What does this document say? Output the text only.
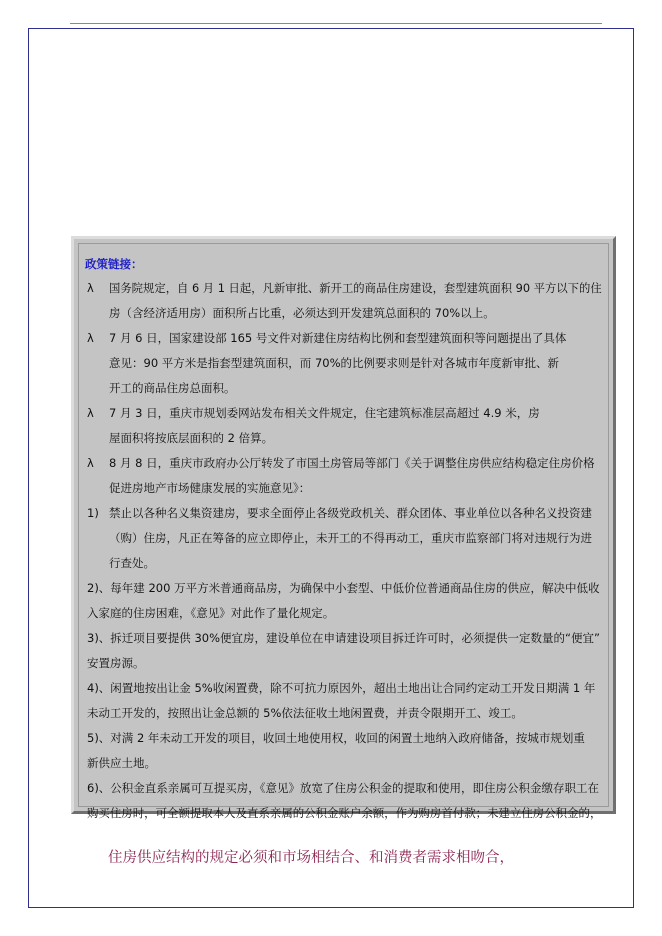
政策链接：
λ	国务院规定，自 6 月 1 日起，凡新审批、新开工的商品住房建设，套型建筑面积 90 平方以下的住
房（含经济适用房）面积所占比重，必须达到开发建筑总面积的 70%以上。
λ	7 月 6 日，国家建设部 165 号文件对新建住房结构比例和套型建筑面积等问题提出了具体
意见：90 平方米是指套型建筑面积，而 70%的比例要求则是针对各城市年度新审批、新
开工的商品住房总面积。
λ	7 月 3 日，重庆市规划委网站发布相关文件规定，住宅建筑标准层高超过 4.9 米，房
屋面积将按底层面积的 2 倍算。
λ	8 月 8 日，重庆市政府办公厅转发了市国土房管局等部门《关于调整住房供应结构稳定住房价格
促进房地产市场健康发展的实施意见》：
1) 禁止以各种名义集资建房，要求全面停止各级党政机关、群众团体、事业单位以各种名义投资建
（购）住房，凡正在筹备的应立即停止，未开工的不得再动工，重庆市监察部门将对违规行为进
行查处。
2)、每年建 200 万平方米普通商品房，为确保中小套型、中低价位普通商品住房的供应，解决中低收
入家庭的住房困难，《意见》对此作了量化规定。
3)、拆迁项目要提供 30%便宜房，建设单位在申请建设项目拆迁许可时，必须提供一定数量的“便宜”
安置房源。
4)、闲置地按出让金 5%收闲置费，除不可抗力原因外，超出土地出让合同约定动工开发日期满 1 年
未动工开发的，按照出让金总额的 5%依法征收土地闲置费，并责令限期开工、竣工。
5)、对满 2 年未动工开发的项目，收回土地使用权，收回的闲置土地纳入政府储备，按城市规划重
新供应土地。
6)、公积金直系亲属可互提买房，《意见》放宽了住房公积金的提取和使用，即住房公积金缴存职工在
购买住房时，可全额提取本人及直系亲属的公积金账户余额，作为购房首付款；未建立住房公积金的，
住房供应结构的规定必须和市场相结合、和消费者需求相吻合，
